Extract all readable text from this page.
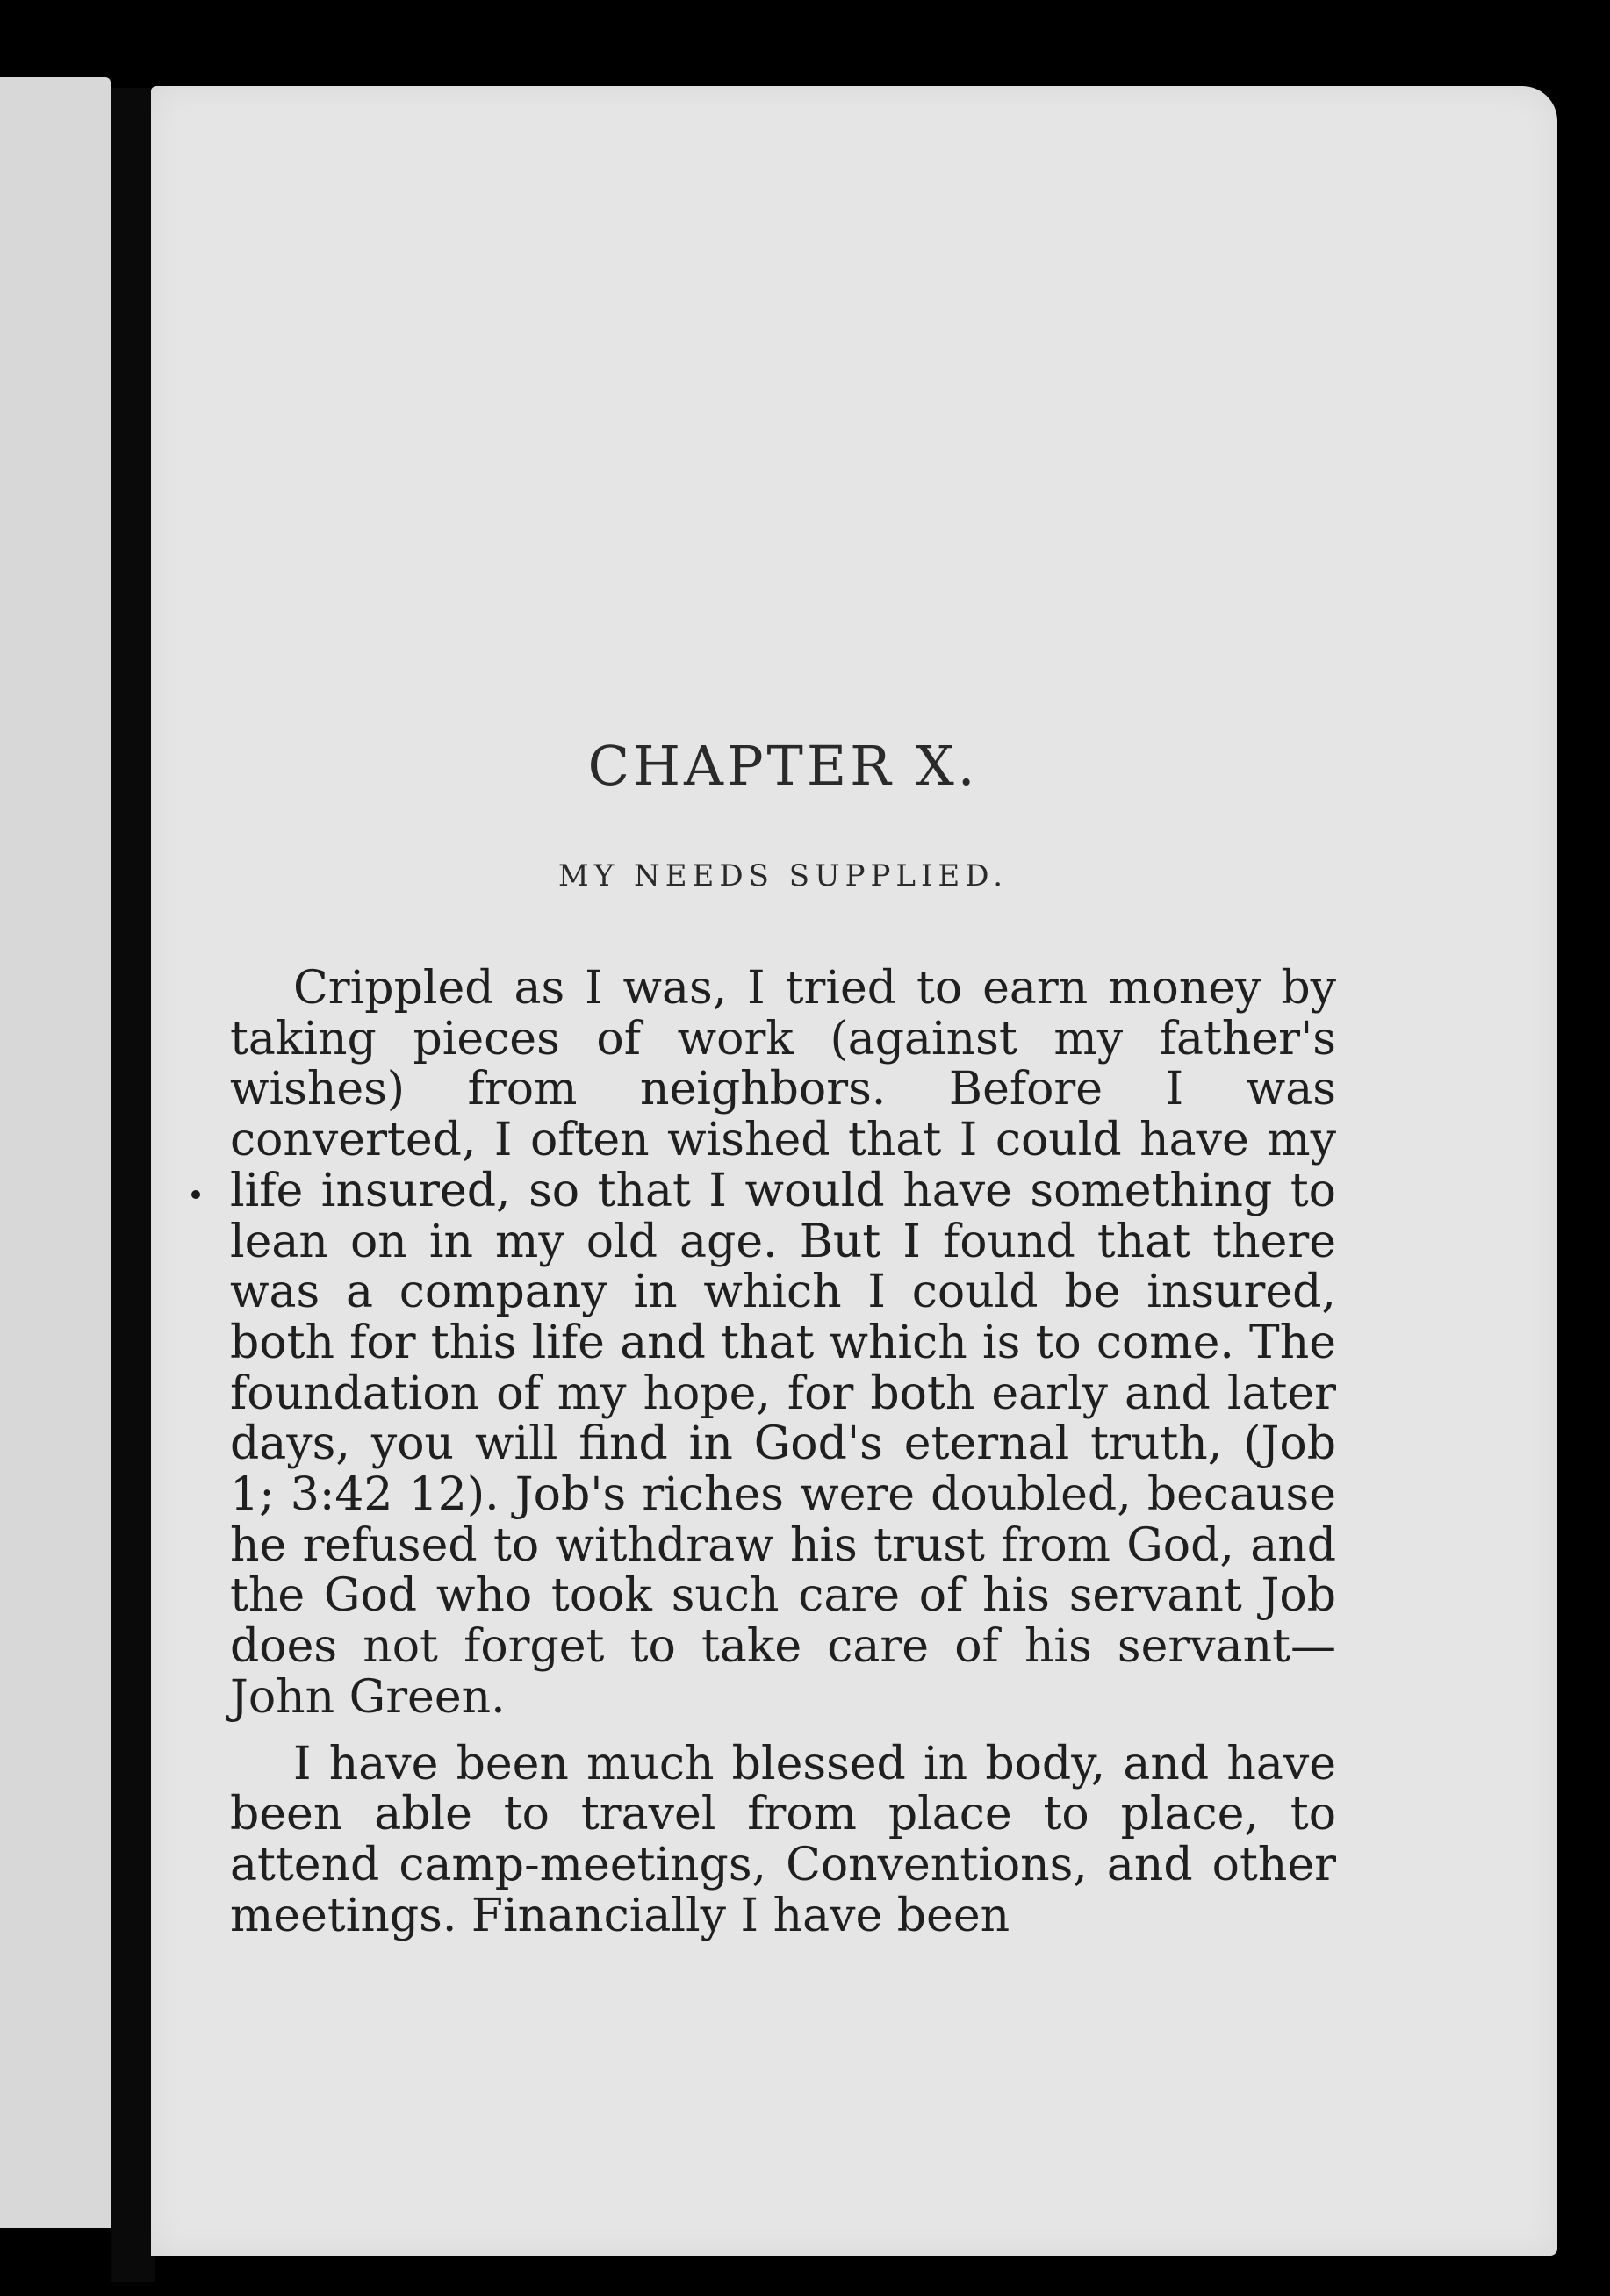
CHAPTER X.
MY NEEDS SUPPLIED.

Crippled as I was, I tried to earn money by taking pieces of work (against my father's wishes) from neighbors. Before I was converted, I often wished that I could have my life insured, so that I would have something to lean on in my old age. But I found that there was a company in which I could be insured, both for this life and that which is to come. The foundation of my hope, for both early and later days, you will find in God's eternal truth, (Job 1; 3:42 12). Job's riches were doubled, because he refused to withdraw his trust from God, and the God who took such care of his servant Job does not forget to take care of his servant—John Green.

I have been much blessed in body, and have been able to travel from place to place, to attend camp-meetings, Conventions, and other meetings. Financially I have been
